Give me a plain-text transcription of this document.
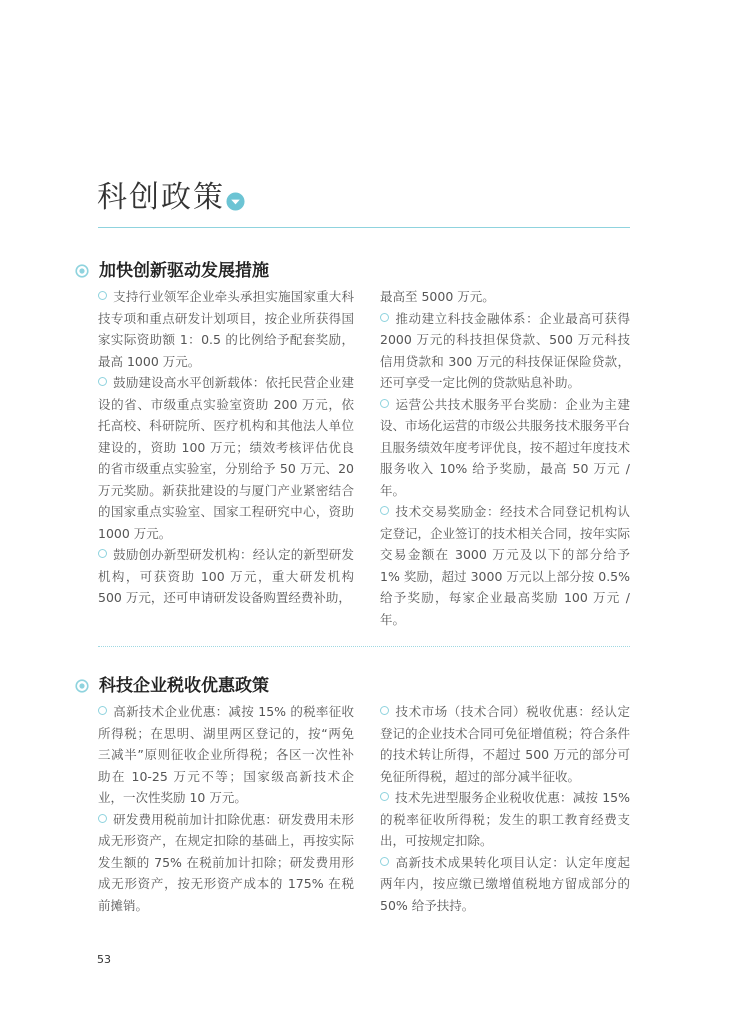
科创政策
加快创新驱动发展措施

支持行业领军企业牵头承担实施国家重大科技专项和重点研发计划项目，按企业所获得国家实际资助额 1：0.5 的比例给予配套奖励，最高 1000 万元。

鼓励建设高水平创新载体：依托民营企业建设的省、市级重点实验室资助 200 万元，依托高校、科研院所、医疗机构和其他法人单位建设的，资助 100 万元；绩效考核评估优良的省市级重点实验室，分别给予 50 万元、20 万元奖励。新获批建设的与厦门产业紧密结合的国家重点实验室、国家工程研究中心，资助 1000 万元。

鼓励创办新型研发机构：经认定的新型研发机构，可获资助 100 万元，重大研发机构 500 万元，还可申请研发设备购置经费补助，

最高至 5000 万元。

推动建立科技金融体系：企业最高可获得 2000 万元的科技担保贷款、500 万元科技信用贷款和 300 万元的科技保证保险贷款，还可享受一定比例的贷款贴息补助。

运营公共技术服务平台奖励：企业为主建设、市场化运营的市级公共服务技术服务平台且服务绩效年度考评优良，按不超过年度技术服务收入 10% 给予奖励，最高 50 万元 / 年。

技术交易奖励金：经技术合同登记机构认定登记，企业签订的技术相关合同，按年实际交易金额在 3000 万元及以下的部分给予 1% 奖励，超过 3000 万元以上部分按 0.5% 给予奖励，每家企业最高奖励 100 万元 / 年。

科技企业税收优惠政策

高新技术企业优惠：减按 15% 的税率征收所得税；在思明、湖里两区登记的，按“两免三减半”原则征收企业所得税；各区一次性补助在 10-25 万元不等；国家级高新技术企业，一次性奖励 10 万元。

研发费用税前加计扣除优惠：研发费用未形成无形资产，在规定扣除的基础上，再按实际发生额的 75% 在税前加计扣除；研发费用形成无形资产，按无形资产成本的 175% 在税前摊销。

技术市场（技术合同）税收优惠：经认定登记的企业技术合同可免征增值税；符合条件的技术转让所得，不超过 500 万元的部分可免征所得税，超过的部分减半征收。

技术先进型服务企业税收优惠：减按 15% 的税率征收所得税；发生的职工教育经费支出，可按规定扣除。

高新技术成果转化项目认定：认定年度起两年内，按应缴已缴增值税地方留成部分的 50% 给予扶持。

53
